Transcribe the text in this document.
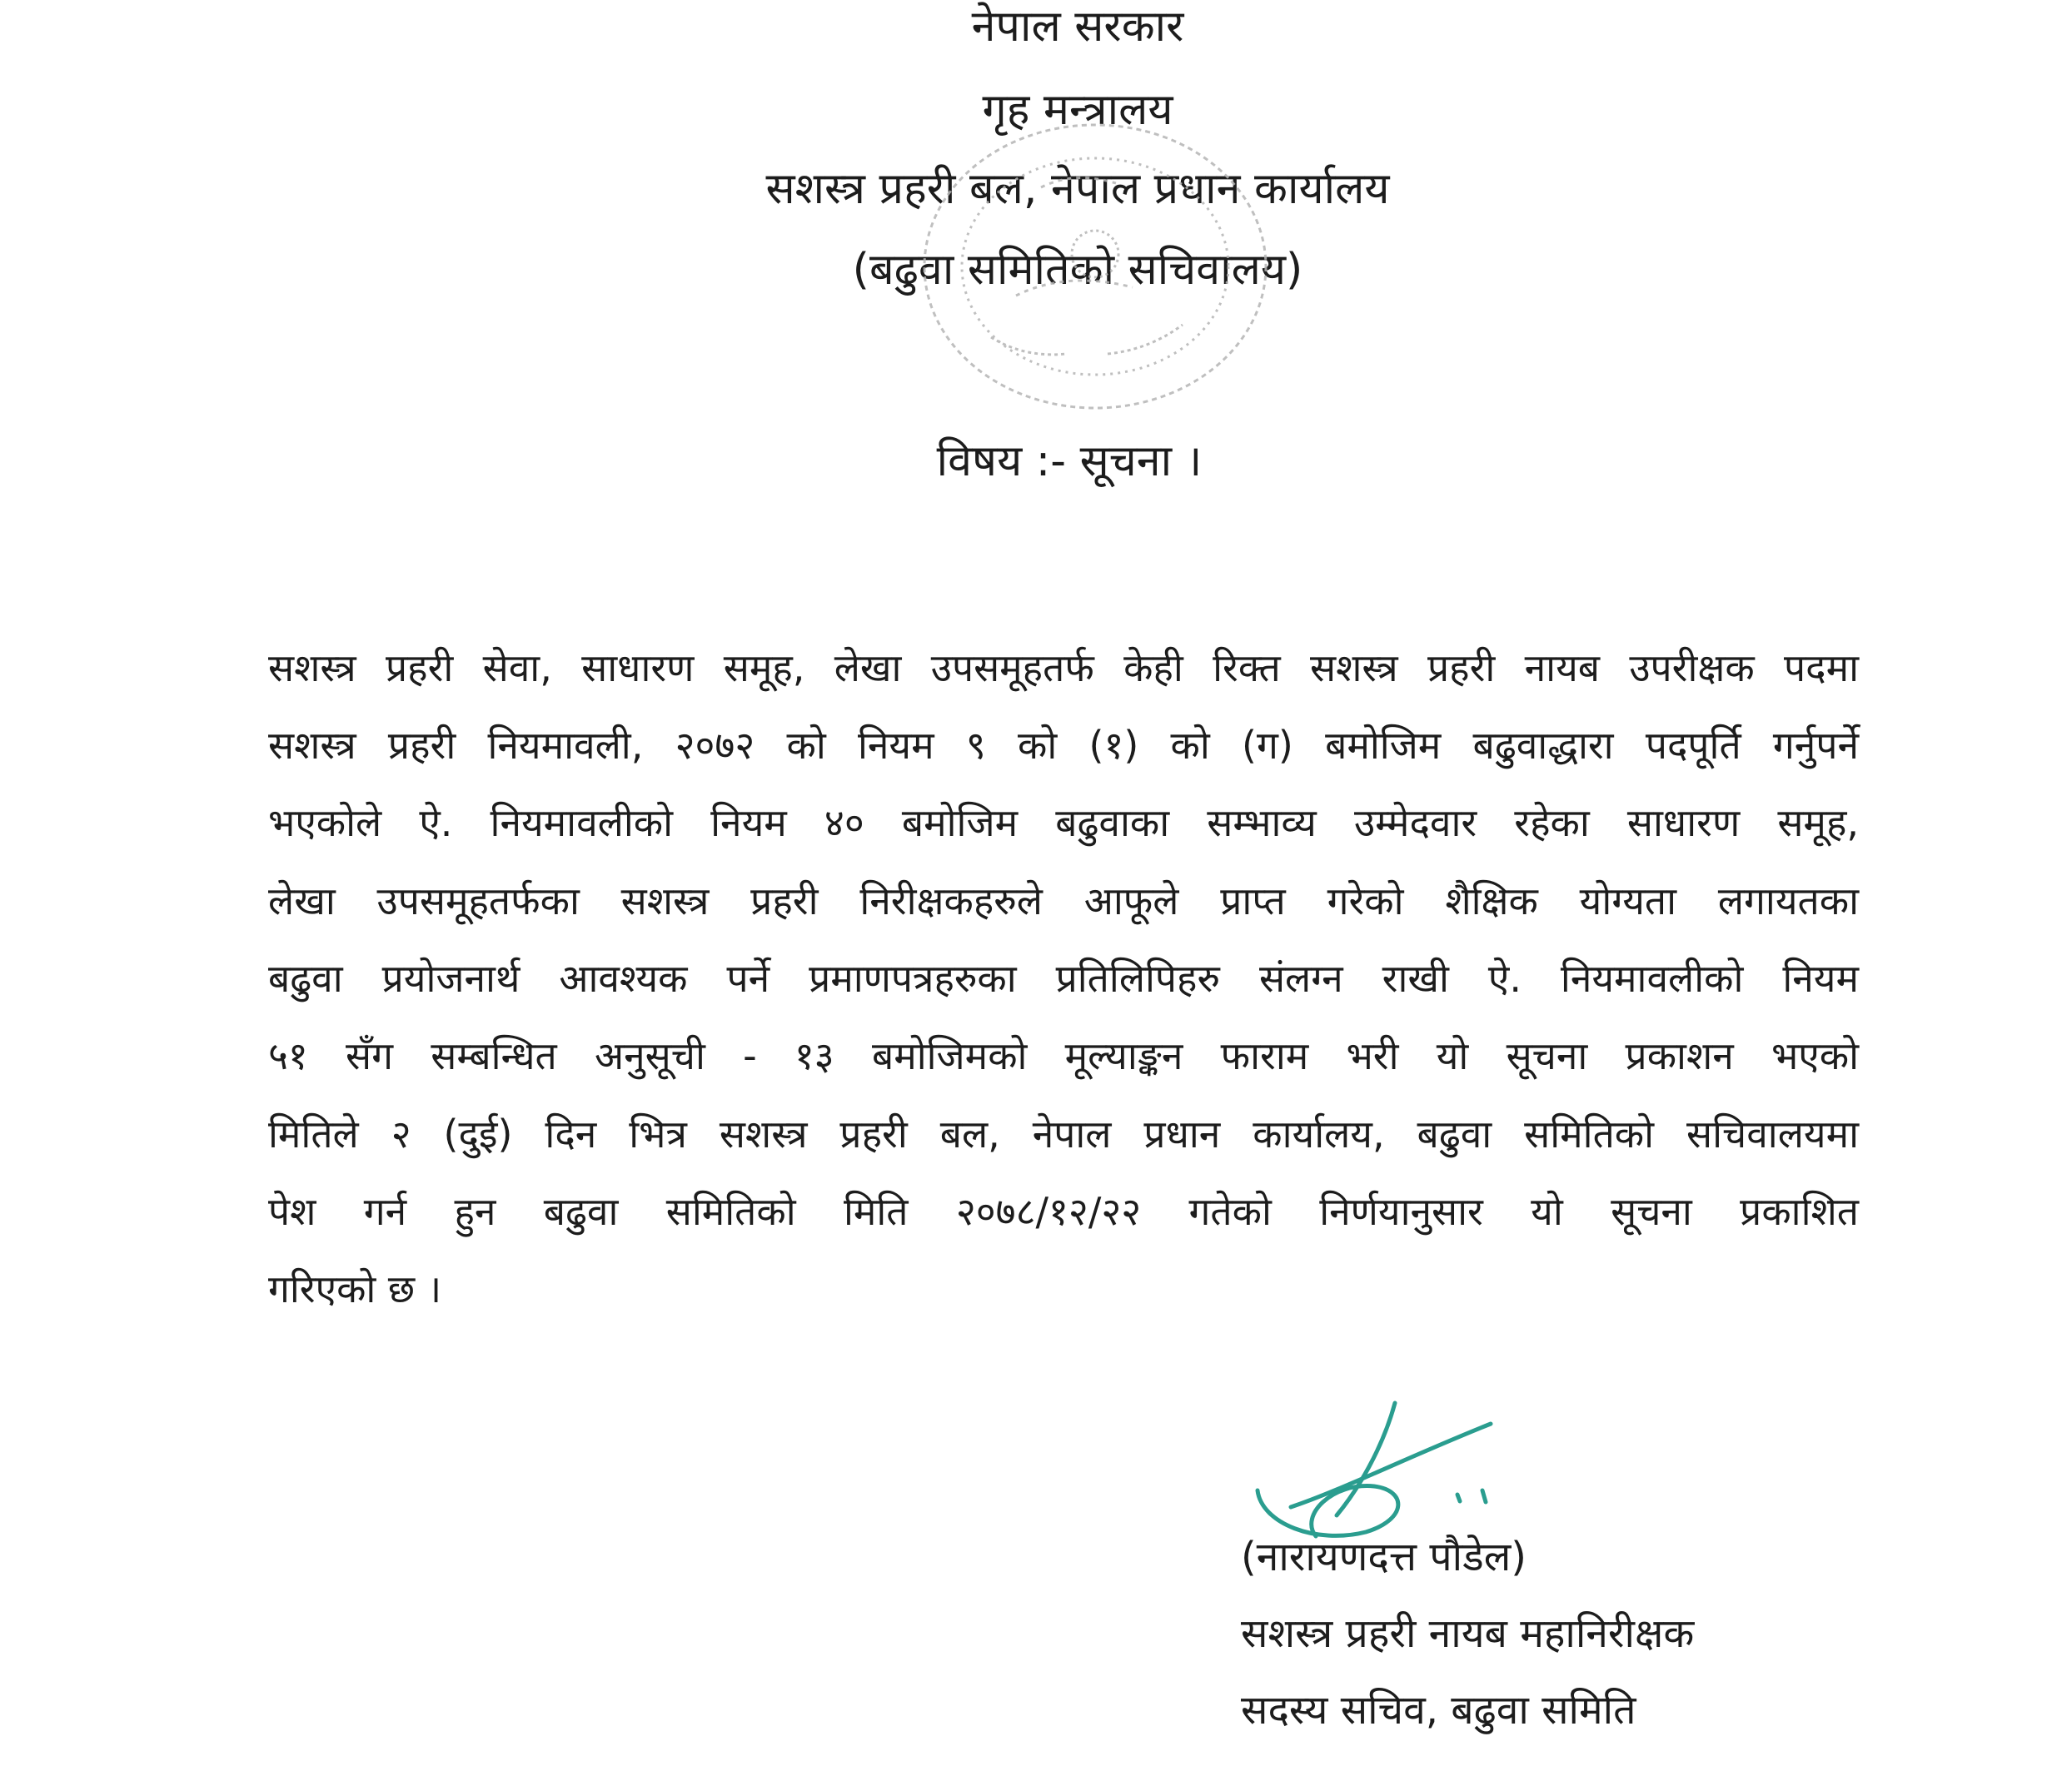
नेपाल सरकार
गृह मन्त्रालय
सशस्त्र प्रहरी बल, नेपाल प्रधान कार्यालय
(बढुवा समितिको सचिवालय)
विषय :- सूचना ।
सशस्त्र प्रहरी सेवा, साधारण समूह, लेखा उपसमूहतर्फ केही रिक्त सशस्त्र प्रहरी नायब उपरीक्षक पदमा
सशस्त्र प्रहरी नियमावली, २०७२ को नियम ९ को (१) को (ग) बमोजिम बढुवाद्धारा पदपूर्ति गर्नुपर्ने
भएकोले ऐ. नियमावलीको नियम ४० बमोजिम बढुवाका सम्भाव्य उम्मेदवार रहेका साधारण समूह,
लेखा उपसमूहतर्फका सशस्त्र प्रहरी निरीक्षकहरुले आफूले प्राप्त गरेको शैक्षिक योग्यता लगायतका
बढुवा प्रयोजनार्थ आवश्यक पर्ने प्रमाणपत्रहरुका प्रतिलिपिहरु संलग्न राखी ऐ. नियमावलीको नियम
५१ सँग सम्बन्धित अनुसूची - १३ बमोजिमको मूल्याङ्कन फाराम भरी यो सूचना प्रकाशन भएको
मितिले २ (दुई) दिन भित्र सशस्त्र प्रहरी बल, नेपाल प्रधान कार्यालय, बढुवा समितिको सचिवालयमा
पेश गर्न हुन बढुवा समितिको मिति २०७८/१२/२२ गतेको निर्णयानुसार यो सूचना प्रकाशित
गरिएको छ ।
(नारायणदत्त पौडेल)
सशस्त्र प्रहरी नायब महानिरीक्षक
सदस्य सचिव, बढुवा समिति
